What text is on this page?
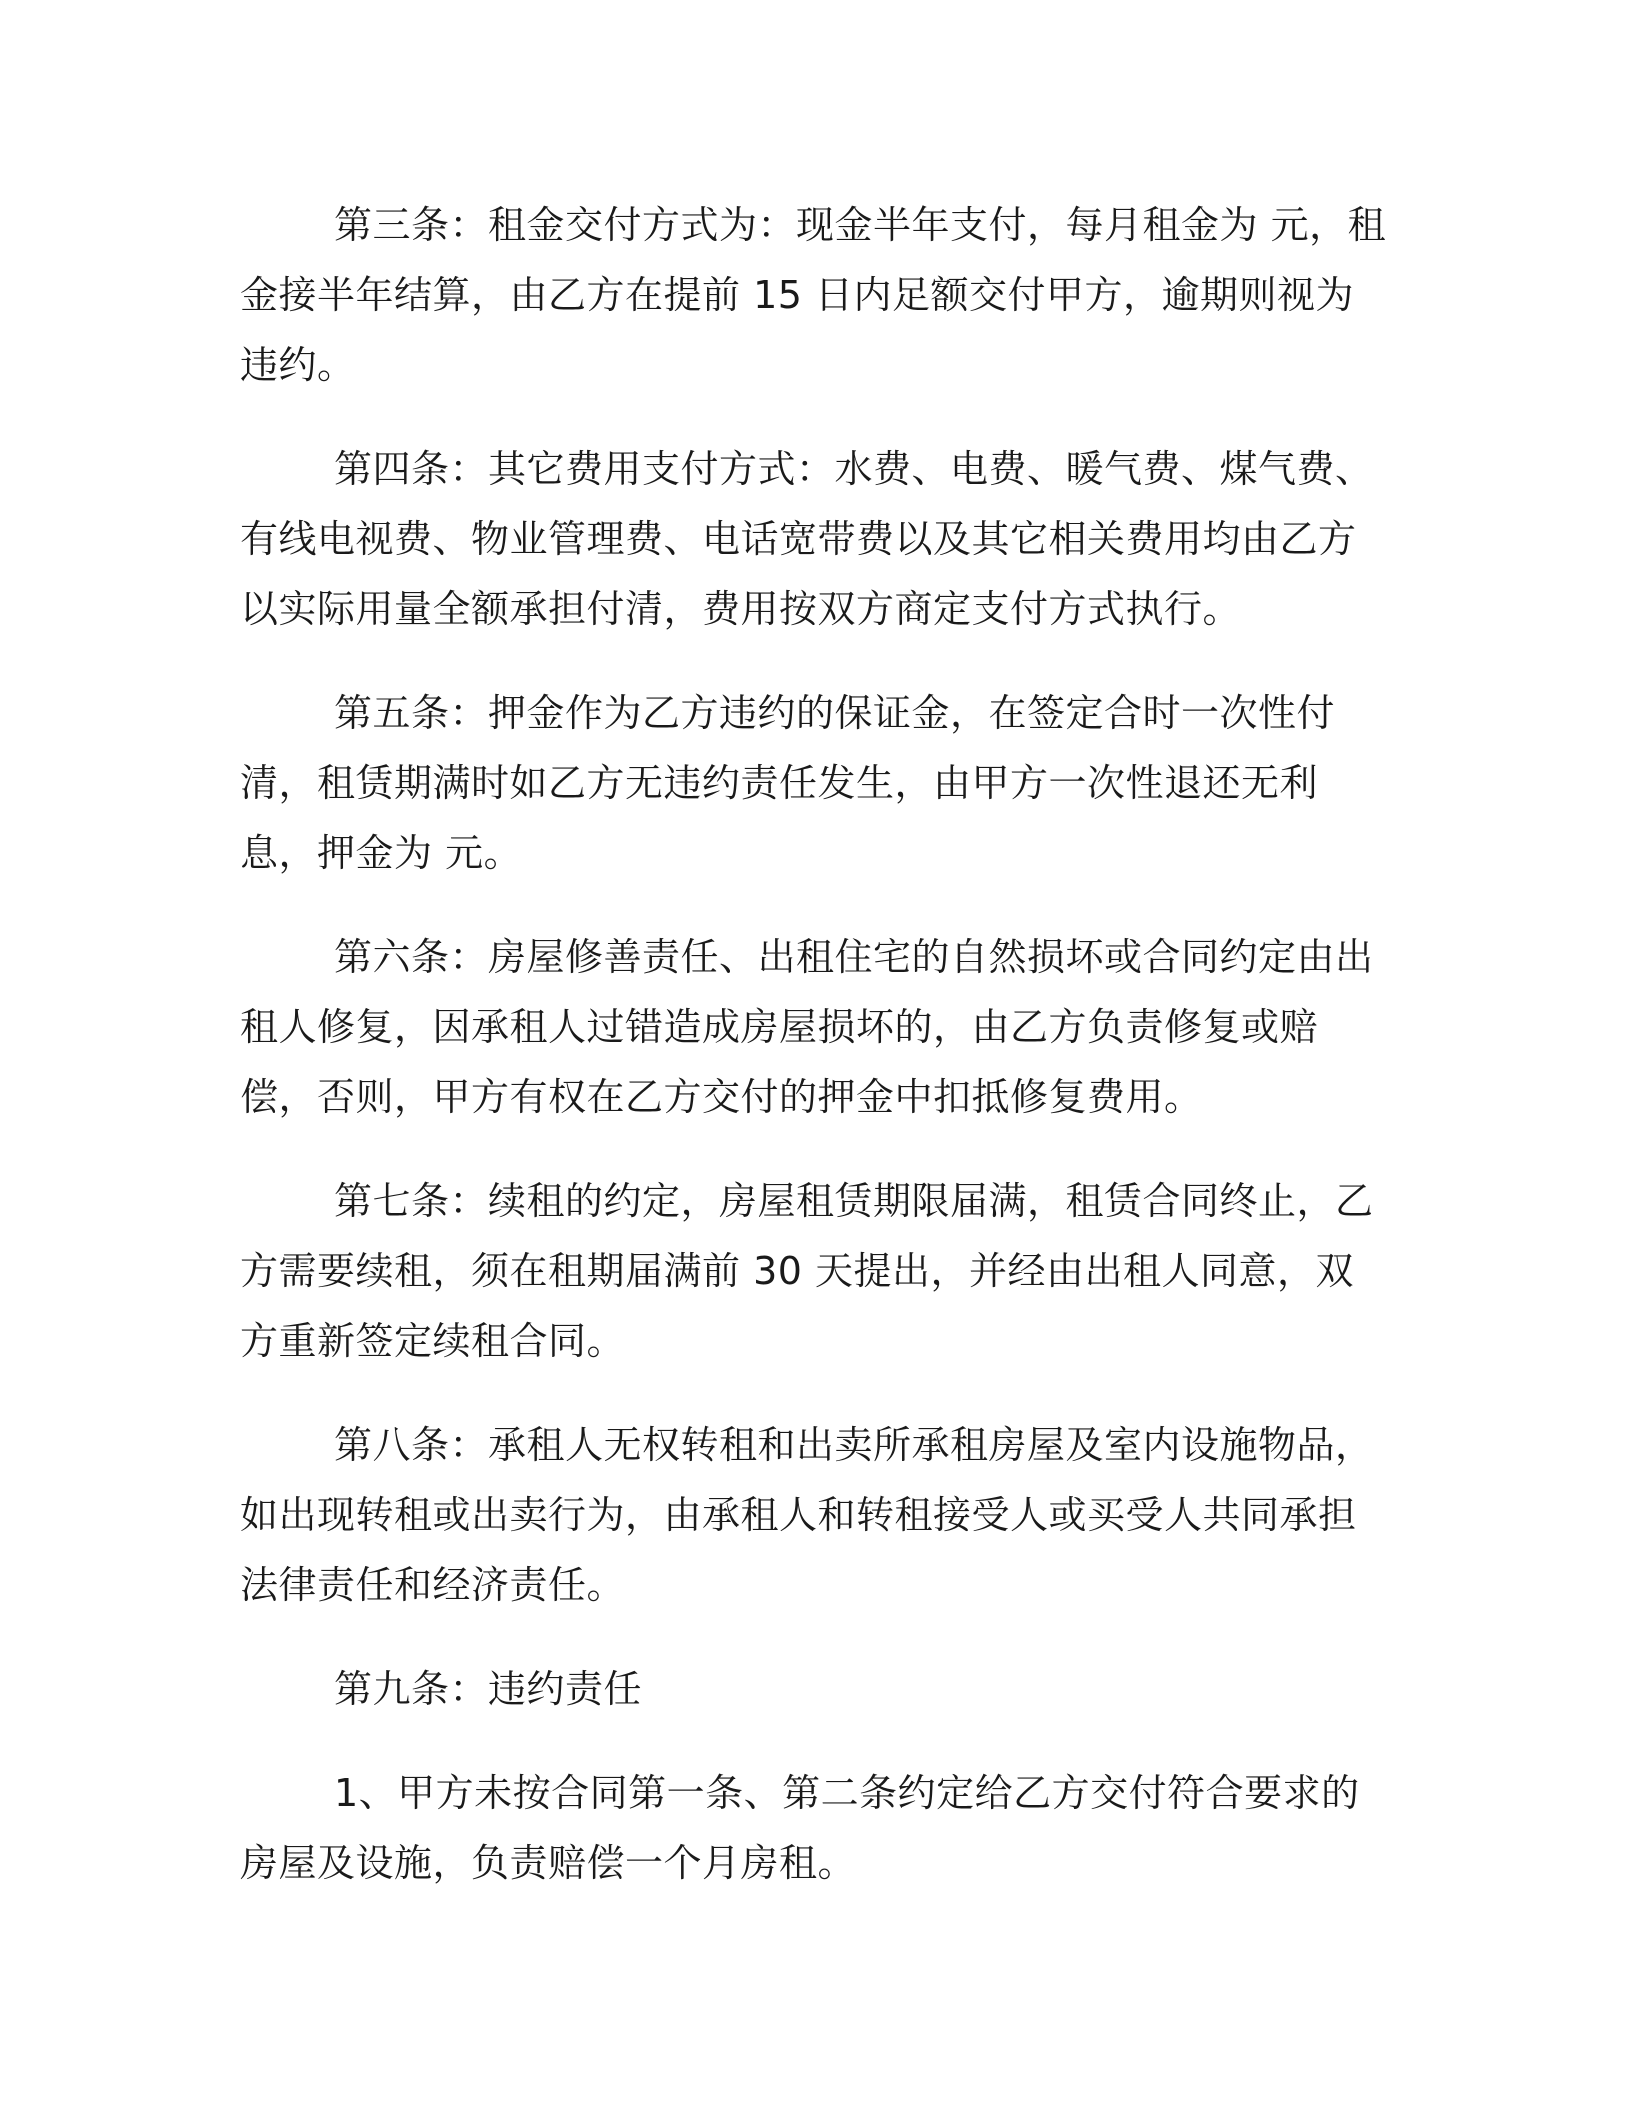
第三条：租金交付方式为：现金半年支付，每月租金为 元，租金接半年结算，由乙方在提前 15 日内足额交付甲方，逾期则视为违约。

第四条：其它费用支付方式：水费、电费、暖气费、煤气费、有线电视费、物业管理费、电话宽带费以及其它相关费用均由乙方以实际用量全额承担付清，费用按双方商定支付方式执行。

第五条：押金作为乙方违约的保证金，在签定合时一次性付清，租赁期满时如乙方无违约责任发生，由甲方一次性退还无利息，押金为 元。

第六条：房屋修善责任、出租住宅的自然损坏或合同约定由出租人修复，因承租人过错造成房屋损坏的，由乙方负责修复或赔偿，否则，甲方有权在乙方交付的押金中扣抵修复费用。

第七条：续租的约定，房屋租赁期限届满，租赁合同终止，乙方需要续租，须在租期届满前 30 天提出，并经由出租人同意，双方重新签定续租合同。

第八条：承租人无权转租和出卖所承租房屋及室内设施物品，如出现转租或出卖行为，由承租人和转租接受人或买受人共同承担法律责任和经济责任。

第九条：违约责任

1、甲方未按合同第一条、第二条约定给乙方交付符合要求的房屋及设施，负责赔偿一个月房租。
